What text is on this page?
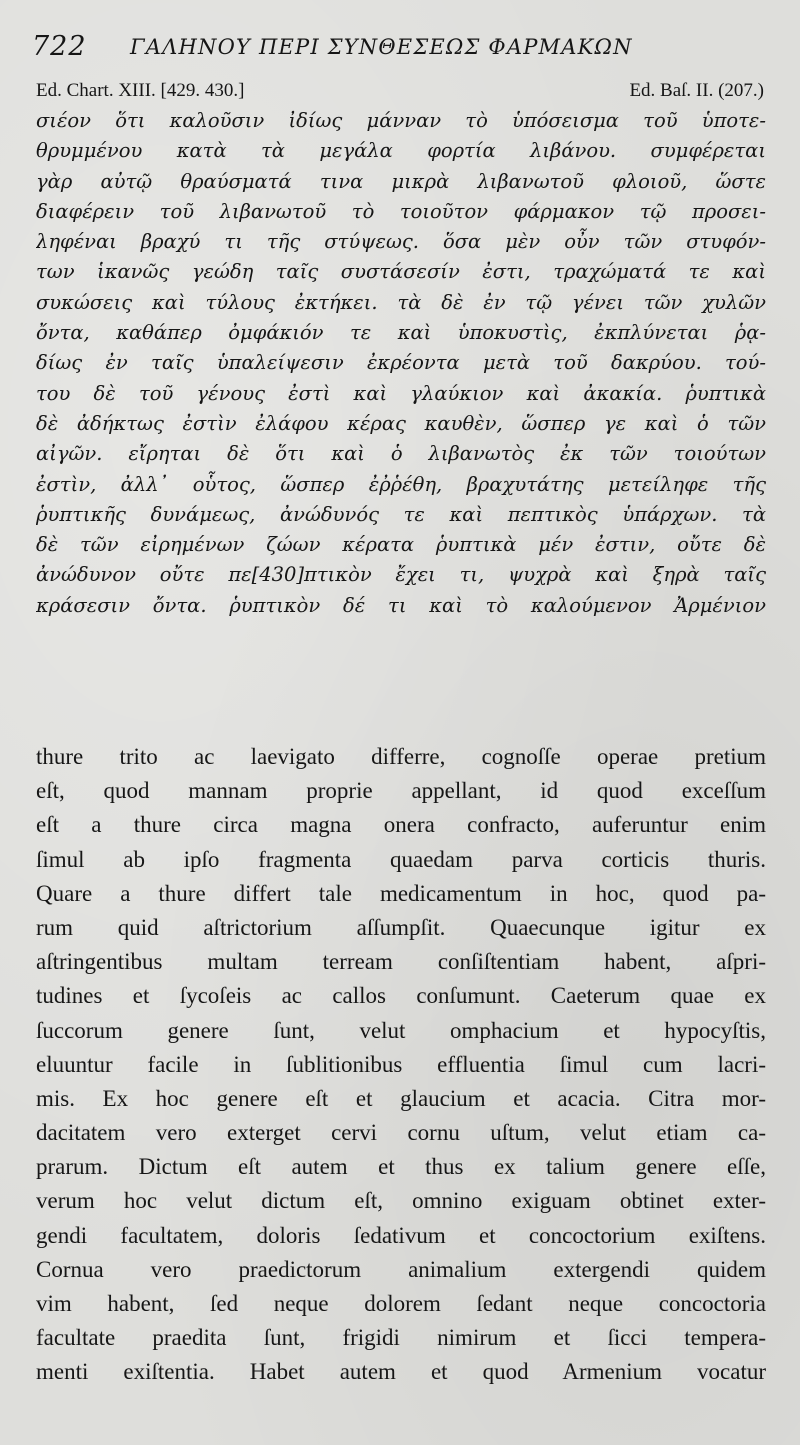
722 ΓΑΛΗΝΟΥ ΠΕΡΙ ΣΥΝΘΕΣΕΩΣ ΦΑΡΜΑΚΩΝ
Ed. Chart. XIII. [429. 430.]	Ed. Baſ. II. (207.)
σιέον ὅτι καλοῦσιν ἰδίως μάνναν τὸ ὑπόσεισμα τοῦ ὑποτε-
θρυμμένου κατὰ τὰ μεγάλα φορτία λιβάνου. συμφέρεται
γὰρ αὐτῷ θραύσματά τινα μικρὰ λιβανωτοῦ φλοιοῦ, ὥστε
διαφέρειν τοῦ λιβανωτοῦ τὸ τοιοῦτον φάρμακον τῷ προσει-
ληφέναι βραχύ τι τῆς στύψεως. ὅσα μὲν οὖν τῶν στυφόν-
των ἱκανῶς γεώδη ταῖς συστάσεσίν ἐστι, τραχώματά τε καὶ
συκώσεις καὶ τύλους ἐκτήκει. τὰ δὲ ἐν τῷ γένει τῶν χυλῶν
ὄντα, καθάπερ ὀμφάκιόν τε καὶ ὑποκυστὶς, ἐκπλύνεται ῥᾳ-
δίως ἐν ταῖς ὑπαλείψεσιν ἐκρέοντα μετὰ τοῦ δακρύου. τού-
του δὲ τοῦ γένους ἐστὶ καὶ γλαύκιον καὶ ἀκακία. ῥυπτικὰ
δὲ ἀδήκτως ἐστὶν ἐλάφου κέρας καυθὲν, ὥσπερ γε καὶ ὁ τῶν
αἰγῶν. εἴρηται δὲ ὅτι καὶ ὁ λιβανωτὸς ἐκ τῶν τοιούτων
ἐστὶν, ἀλλ᾽ οὗτος, ὥσπερ ἐῤῥέθη, βραχυτάτης μετείληφε τῆς
ῥυπτικῆς δυνάμεως, ἀνώδυνός τε καὶ πεπτικὸς ὑπάρχων. τὰ
δὲ τῶν εἰρημένων ζώων κέρατα ῥυπτικὰ μέν ἐστιν, οὔτε δὲ
ἀνώδυνον οὔτε πε[430]πτικὸν ἔχει τι, ψυχρὰ καὶ ξηρὰ ταῖς
κράσεσιν ὄντα. ῥυπτικὸν δέ τι καὶ τὸ καλούμενον Ἀρμένιον
thure trito ac laevigato differre, cognoſſe operae pretium
eſt, quod mannam proprie appellant, id quod exceſſum
eſt a thure circa magna onera confracto, auferuntur enim
ſimul ab ipſo fragmenta quaedam parva corticis thuris.
Quare a thure differt tale medicamentum in hoc, quod pa-
rum quid aſtrictorium aſſumpſit. Quaecunque igitur ex
aſtringentibus multam terream conſiſtentiam habent, aſpri-
tudines et ſycoſeis ac callos conſumunt. Caeterum quae ex
ſuccorum genere ſunt, velut omphacium et hypocyſtis,
eluuntur facile in ſublitionibus effluentia ſimul cum lacri-
mis. Ex hoc genere eſt et glaucium et acacia. Citra mor-
dacitatem vero exterget cervi cornu uſtum, velut etiam ca-
prarum. Dictum eſt autem et thus ex talium genere eſſe,
verum hoc velut dictum eſt, omnino exiguam obtinet exter-
gendi facultatem, doloris ſedativum et concoctorium exiſtens.
Cornua vero praedictorum animalium extergendi quidem
vim habent, ſed neque dolorem ſedant neque concoctoria
facultate praedita ſunt, frigidi nimirum et ſicci tempera-
menti exiſtentia. Habet autem et quod Armenium vocatur
